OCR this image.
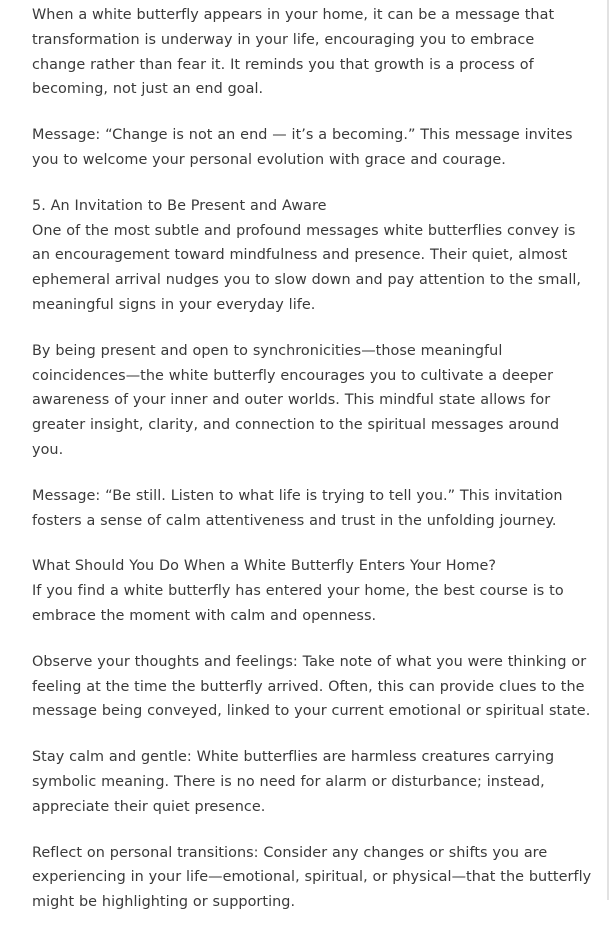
When a white butterfly appears in your home, it can be a message that transformation is underway in your life, encouraging you to embrace change rather than fear it. It reminds you that growth is a process of becoming, not just an end goal.

Message: “Change is not an end — it’s a becoming.” This message invites you to welcome your personal evolution with grace and courage.

5. An Invitation to Be Present and Aware
One of the most subtle and profound messages white butterflies convey is an encouragement toward mindfulness and presence. Their quiet, almost ephemeral arrival nudges you to slow down and pay attention to the small, meaningful signs in your everyday life.

By being present and open to synchronicities—those meaningful coincidences—the white butterfly encourages you to cultivate a deeper awareness of your inner and outer worlds. This mindful state allows for greater insight, clarity, and connection to the spiritual messages around you.

Message: “Be still. Listen to what life is trying to tell you.” This invitation fosters a sense of calm attentiveness and trust in the unfolding journey.

What Should You Do When a White Butterfly Enters Your Home?
If you find a white butterfly has entered your home, the best course is to embrace the moment with calm and openness.

Observe your thoughts and feelings: Take note of what you were thinking or feeling at the time the butterfly arrived. Often, this can provide clues to the message being conveyed, linked to your current emotional or spiritual state.

Stay calm and gentle: White butterflies are harmless creatures carrying symbolic meaning. There is no need for alarm or disturbance; instead, appreciate their quiet presence.

Reflect on personal transitions: Consider any changes or shifts you are experiencing in your life—emotional, spiritual, or physical—that the butterfly might be highlighting or supporting.
